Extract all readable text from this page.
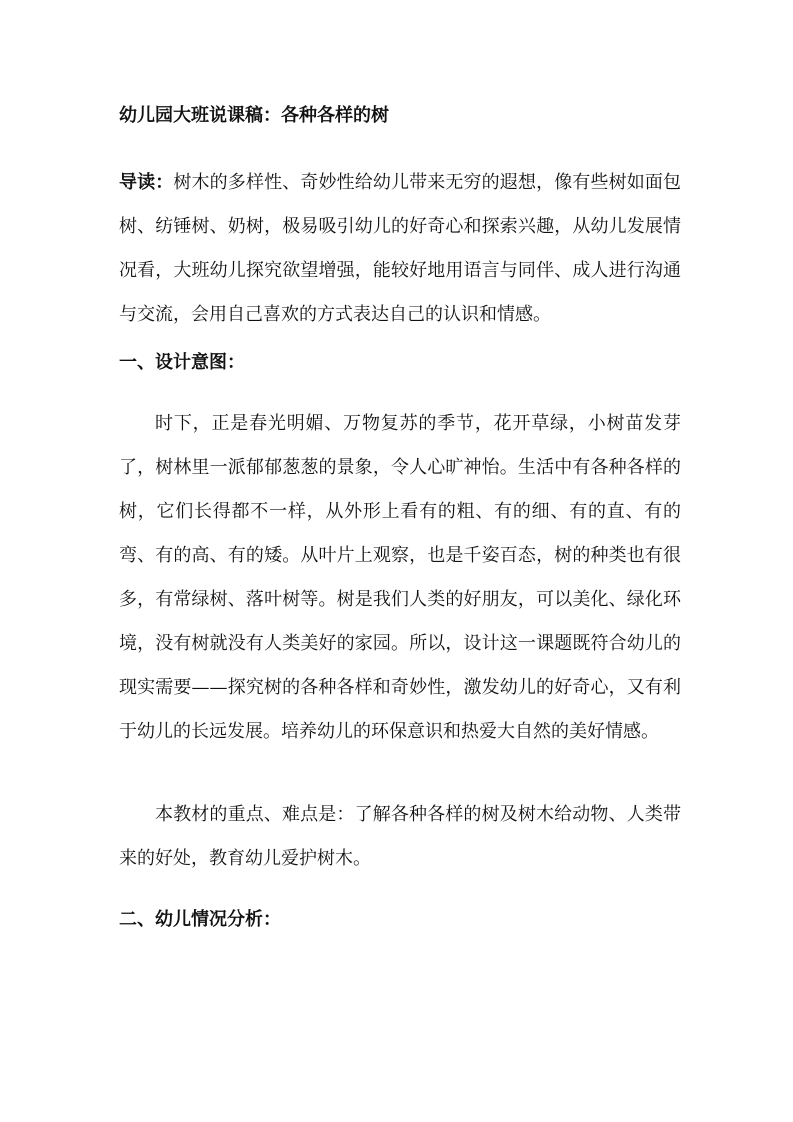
幼儿园大班说课稿：各种各样的树

导读：树木的多样性、奇妙性给幼儿带来无穷的遐想，像有些树如面包树、纺锤树、奶树，极易吸引幼儿的好奇心和探索兴趣，从幼儿发展情况看，大班幼儿探究欲望增强，能较好地用语言与同伴、成人进行沟通与交流，会用自己喜欢的方式表达自己的认识和情感。

一、设计意图：

时下，正是春光明媚、万物复苏的季节，花开草绿，小树苗发芽了，树林里一派郁郁葱葱的景象，令人心旷神怡。生活中有各种各样的树，它们长得都不一样，从外形上看有的粗、有的细、有的直、有的弯、有的高、有的矮。从叶片上观察，也是千姿百态，树的种类也有很多，有常绿树、落叶树等。树是我们人类的好朋友，可以美化、绿化环境，没有树就没有人类美好的家园。所以，设计这一课题既符合幼儿的现实需要——探究树的各种各样和奇妙性，激发幼儿的好奇心，又有利于幼儿的长远发展。培养幼儿的环保意识和热爱大自然的美好情感。

本教材的重点、难点是：了解各种各样的树及树木给动物、人类带来的好处，教育幼儿爱护树木。

二、幼儿情况分析：
